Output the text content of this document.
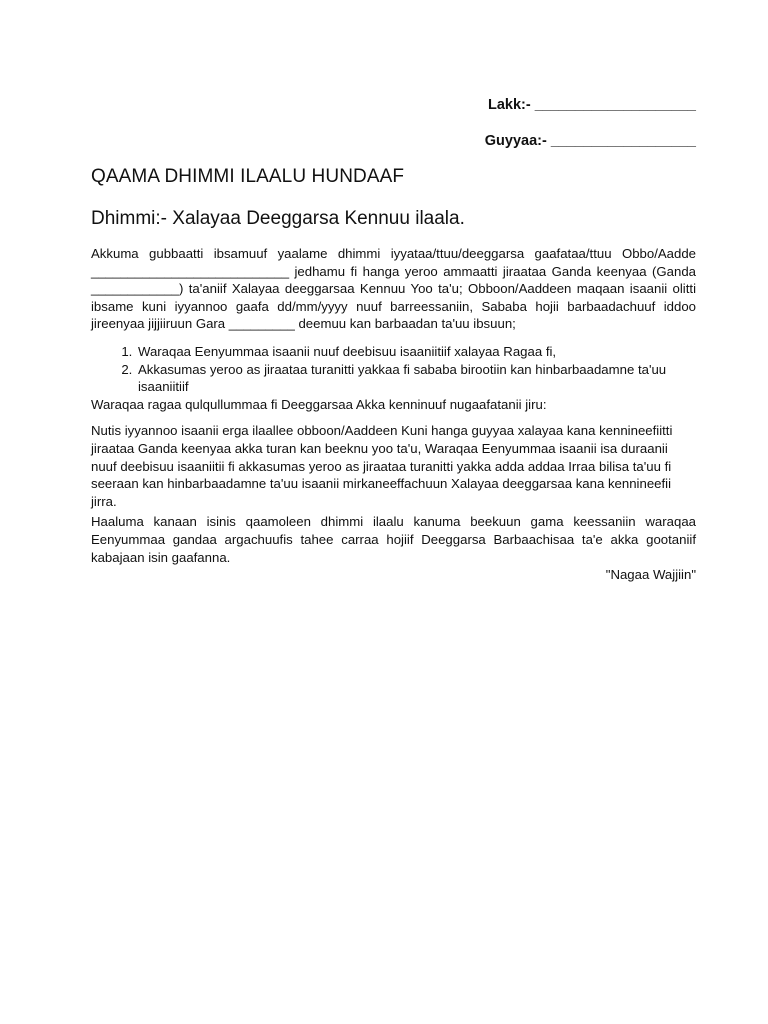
Lakk:- ____________________
Guyyaa:- __________________
QAAMA DHIMMI ILAALU HUNDAAF
Dhimmi:- Xalayaa Deeggarsa Kennuu ilaala.

Akkuma gubbaatti ibsamuuf yaalame dhimmi iyyataa/ttuu/deeggarsa gaafataa/ttuu Obbo/Aadde ___________________________ jedhamu fi hanga yeroo ammaatti jiraataa Ganda keenyaa (Ganda ____________) ta'aniif Xalayaa deeggarsaa Kennuu Yoo ta'u; Obboon/Aaddeen maqaan isaanii olitti ibsame kuni iyyannoo gaafa dd/mm/yyyy nuuf barreessaniin, Sababa hojii barbaadachuuf iddoo jireenyaa jijjiiruun Gara _________ deemuu kan barbaadan ta'uu ibsuun;

1. Waraqaa Eenyummaa isaanii nuuf deebisuu isaaniitiif xalayaa Ragaa fi,
2. Akkasumas yeroo as jiraataa turanitti yakkaa fi sababa birootiin kan hinbarbaadamne ta'uu isaaniitiif

Waraqaa ragaa qulqullummaa fi Deeggarsaa Akka kenninuuf nugaafatanii jiru:

Nutis iyyannoo isaanii erga ilaallee obboon/Aaddeen Kuni hanga guyyaa xalayaa kana kennineefiitti jiraataa Ganda keenyaa akka turan kan beeknu yoo ta'u, Waraqaa Eenyummaa isaanii isa duraanii nuuf deebisuu isaaniitii fi akkasumas yeroo as jiraataa turanitti yakka adda addaa Irraa bilisa ta'uu fi seeraan kan hinbarbaadamne ta'uu isaanii mirkaneeffachuun Xalayaa deeggarsaa kana kenninеefii jirra.

Haaluma kanaan isinis qaamoleen dhimmi ilaalu kanuma beekuun gama keessaniin waraqaa Eenyummaa gandaa argachuufis tahee carraa hojiif Deeggarsa Barbaachisaa ta'e akka gootaniif kabajaan isin gaafanna.

"Nagaa Wajjiin"
